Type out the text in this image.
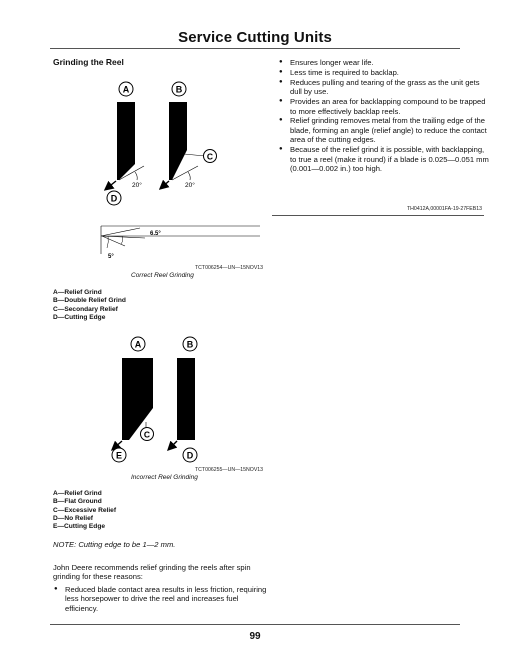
Service Cutting Units
Grinding the Reel
A	B
20°	20°
C
D
6.5°
5°
TCT006254—UN—15NOV13
Correct Reel Grinding
A—Relief Grind
B—Double Relief Grind
C—Secondary Relief
D—Cutting Edge
A	B
C
E	D
TCT006255—UN—15NOV13
Incorrect Reel Grinding
A—Relief Grind
B—Flat Ground
C—Excessive Relief
D—No Relief
E—Cutting Edge
NOTE: Cutting edge to be 1—2 mm.
John Deere recommends relief grinding the reels after spin grinding for these reasons:
● Reduced blade contact area results in less friction, requiring less horsepower to drive the reel and increases fuel efficiency.
● Ensures longer wear life.
● Less time is required to backlap.
● Reduces pulling and tearing of the grass as the unit gets dull by use.
● Provides an area for backlapping compound to be trapped to more effectively backlap reels.
● Relief grinding removes metal from the trailing edge of the blade, forming an angle (relief angle) to reduce the contact area of the cutting edges.
● Because of the relief grind it is possible, with backlapping, to true a reel (make it round) if a blade is 0.025—0.051 mm (0.001—0.002 in.) too high.
TH0412A,00001FA-19-27FEB13
99
